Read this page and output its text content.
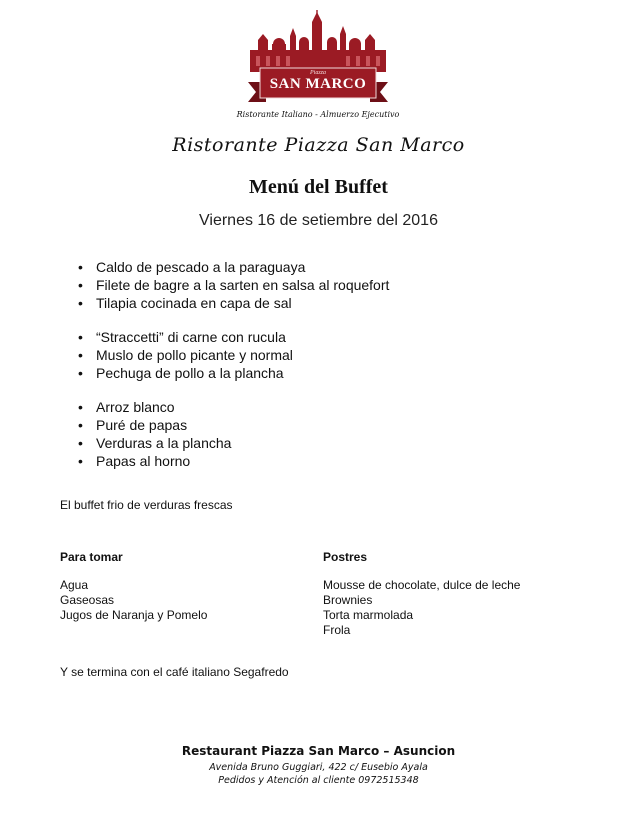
Piazza
SAN MARCO
Ristorante Italiano - Almuerzo Ejecutivo
Ristorante Piazza San Marco
Menú del Buffet
Viernes 16 de setiembre del 2016
• Caldo de pescado a la paraguaya
• Filete de bagre a la sarten en salsa al roquefort
• Tilapia cocinada en capa de sal
• “Straccetti” di carne con rucula
• Muslo de pollo picante y normal
• Pechuga de pollo a la plancha
• Arroz blanco
• Puré de papas
• Verduras a la plancha
• Papas al horno
El buffet frio de verduras frescas
Para tomar
Agua
Gaseosas
Jugos de Naranja y Pomelo
Postres
Mousse de chocolate, dulce de leche
Brownies
Torta marmolada
Frola
Y se termina con el café italiano Segafredo
Restaurant Piazza San Marco – Asuncion
Avenida Bruno Guggiari, 422 c/ Eusebio Ayala
Pedidos y Atención al cliente 0972515348
